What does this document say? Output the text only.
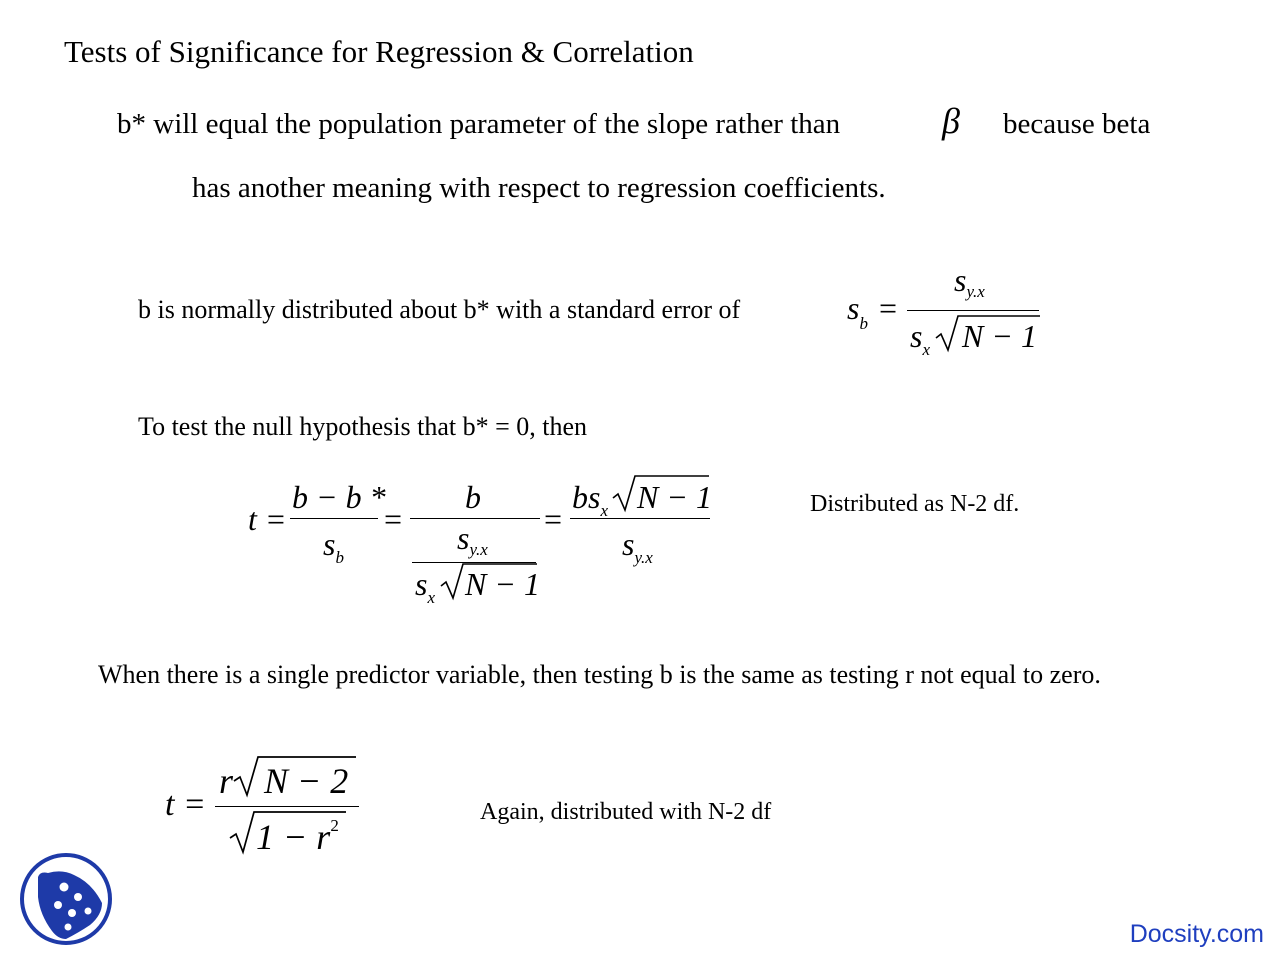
Tests of Significance for Regression & Correlation
b* will equal the population parameter of the slope rather than	β because beta
has another meaning with respect to regression coefficients.
b is normally distributed about b* with a standard error of	$s_b$ =
sy.x
$s_x$ N − 1
To test the null hypothesis that b* = 0, then
t =
b − b *
$s_b$
=
b
sy.x
$s_x$ N − 1
=
$bs_x$ N − 1
$s_{y.x}$
Distributed as N-2 df.
When there is a single predictor variable, then testing b is the same as testing r not equal to zero.
t =
r N − 2
$1 - r^2$
Again, distributed with N-2 df
Docsity.com
